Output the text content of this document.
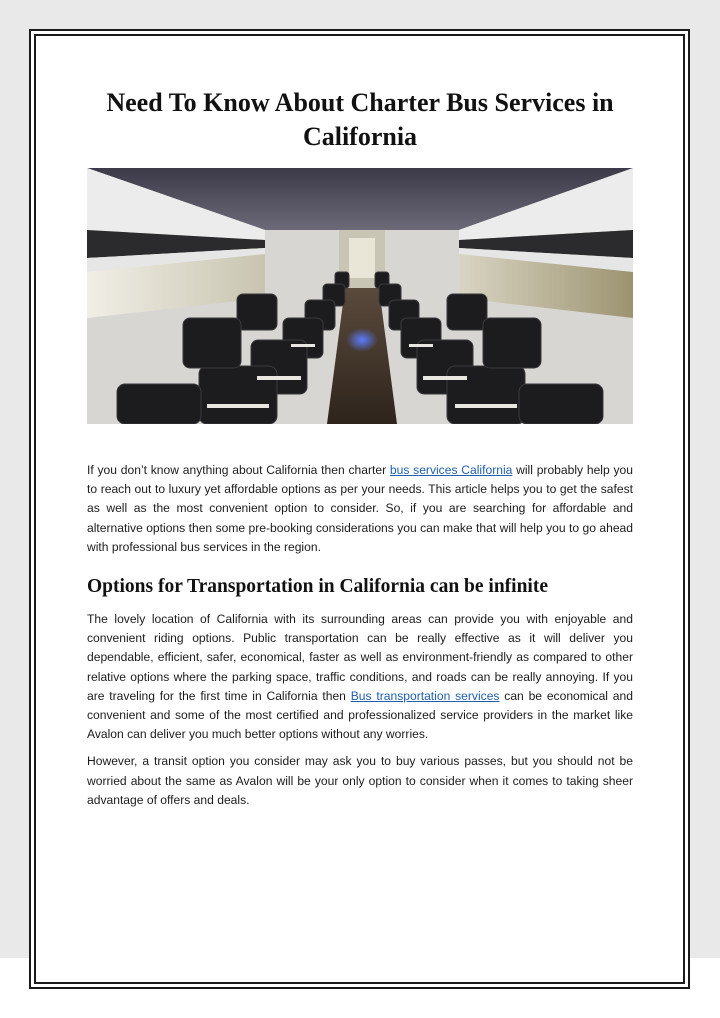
Need To Know About Charter Bus Services in California

If you don’t know anything about California then charter bus services California will probably help you to reach out to luxury yet affordable options as per your needs. This article helps you to get the safest as well as the most convenient option to consider. So, if you are searching for affordable and alternative options then some pre-booking considerations you can make that will help you to go ahead with professional bus services in the region.

Options for Transportation in California can be infinite

The lovely location of California with its surrounding areas can provide you with enjoyable and convenient riding options. Public transportation can be really effective as it will deliver you dependable, efficient, safer, economical, faster as well as environment-friendly as compared to other relative options where the parking space, traffic conditions, and roads can be really annoying. If you are traveling for the first time in California then Bus transportation services can be economical and convenient and some of the most certified and professionalized service providers in the market like Avalon can deliver you much better options without any worries.

However, a transit option you consider may ask you to buy various passes, but you should not be worried about the same as Avalon will be your only option to consider when it comes to taking sheer advantage of offers and deals.
